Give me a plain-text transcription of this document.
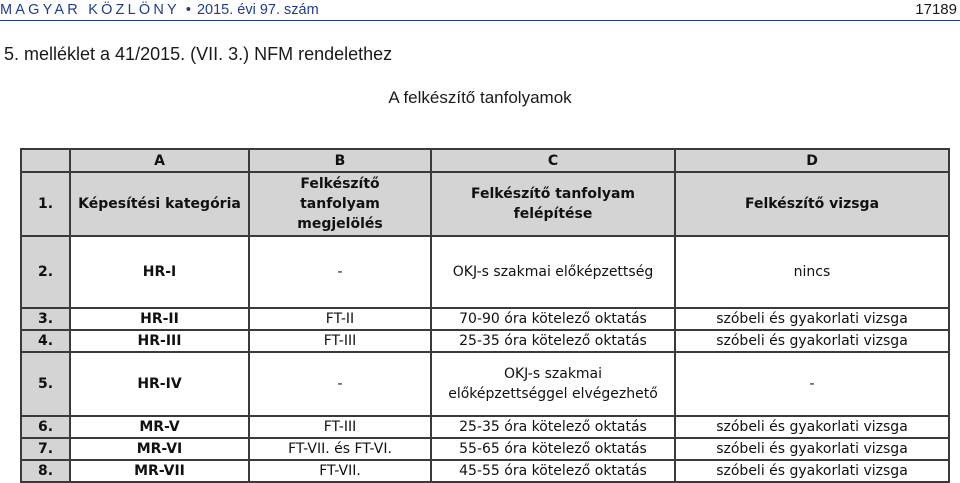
MAGYAR KÖZLÖNY • 2015. évi 97. szám	17189
5. melléklet a 41/2015. (VII. 3.) NFM rendelethez
A felkészítő tanfolyamok
	A	B	C	D
1.	Képesítési kategória	Felkészítő tanfolyam megjelölés	Felkészítő tanfolyam felépítése	Felkészítő vizsga
2.	HR-I	-	OKJ-s szakmai előképzettség	nincs
3.	HR-II	FT-II	70-90 óra kötelező oktatás	szóbeli és gyakorlati vizsga
4.	HR-III	FT-III	25-35 óra kötelező oktatás	szóbeli és gyakorlati vizsga
5.	HR-IV	-	OKJ-s szakmai előképzettséggel elvégezhető	-
6.	MR-V	FT-III	25-35 óra kötelező oktatás	szóbeli és gyakorlati vizsga
7.	MR-VI	FT-VII. és FT-VI.	55-65 óra kötelező oktatás	szóbeli és gyakorlati vizsga
8.	MR-VII	FT-VII.	45-55 óra kötelező oktatás	szóbeli és gyakorlati vizsga
